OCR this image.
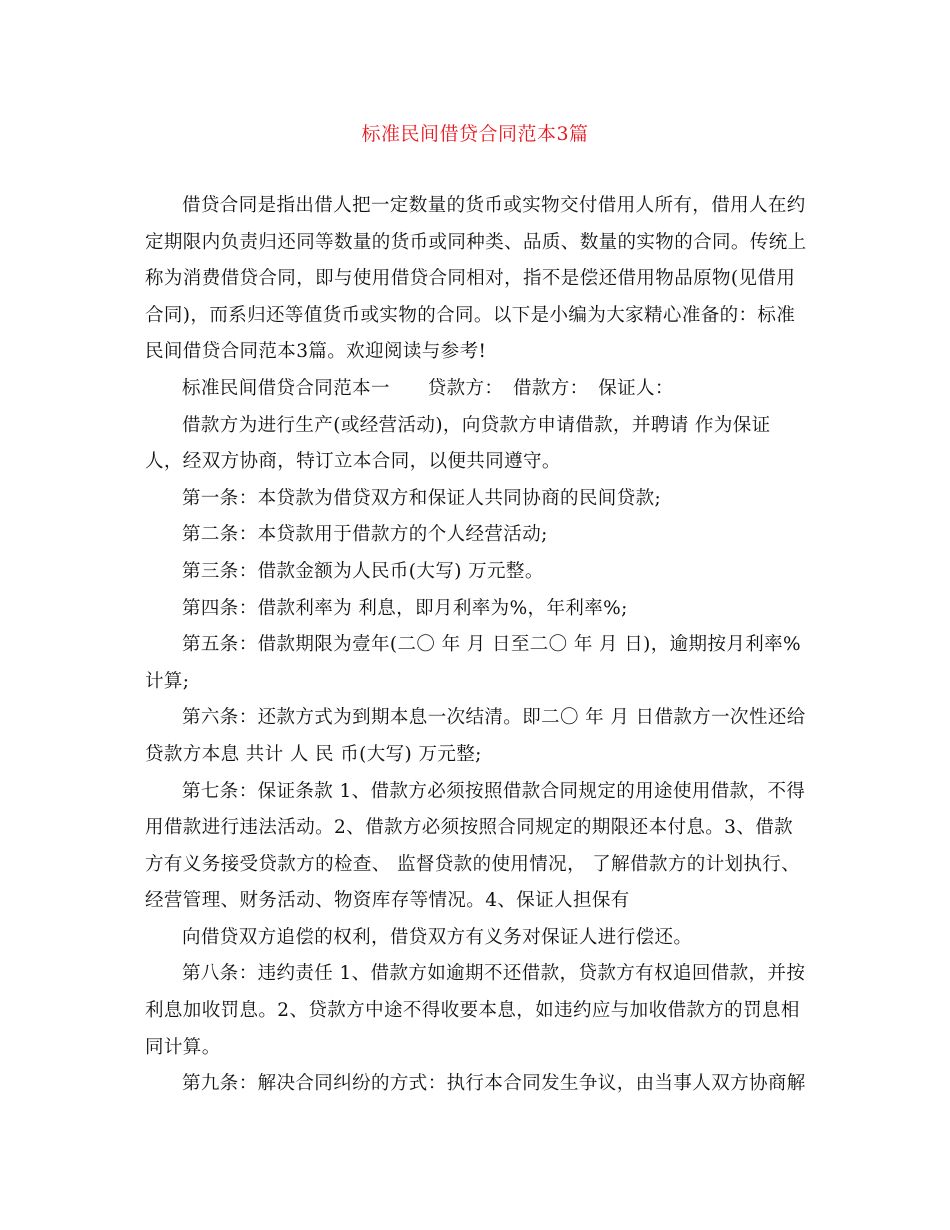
标准民间借贷合同范本3篇

借贷合同是指出借人把一定数量的货币或实物交付借用人所有，借用人在约定期限内负责归还同等数量的货币或同种类、品质、数量的实物的合同。传统上称为消费借贷合同，即与使用借贷合同相对，指不是偿还借用物品原物(见借用合同)，而系归还等值货币或实物的合同。以下是小编为大家精心准备的：标准民间借贷合同范本3篇。欢迎阅读与参考!

标准民间借贷合同范本一　　贷款方：　借款方：　保证人：

借款方为进行生产(或经营活动)，向贷款方申请借款，并聘请 作为保证人，经双方协商，特订立本合同，以便共同遵守。

第一条：本贷款为借贷双方和保证人共同协商的民间贷款;

第二条：本贷款用于借款方的个人经营活动;

第三条：借款金额为人民币(大写) 万元整。

第四条：借款利率为 利息，即月利率为%，年利率%;

第五条：借款期限为壹年(二〇 年 月 日至二〇 年 月 日)，逾期按月利率%计算;

第六条：还款方式为到期本息一次结清。即二〇 年 月 日借款方一次性还给贷款方本息 共计 人 民 币(大写) 万元整;

第七条：保证条款 1、借款方必须按照借款合同规定的用途使用借款，不得用借款进行违法活动。2、借款方必须按照合同规定的期限还本付息。3、借款方有义务接受贷款方的检查、 监督贷款的使用情况， 了解借款方的计划执行、经营管理、财务活动、物资库存等情况。4、保证人担保有

向借贷双方追偿的权利，借贷双方有义务对保证人进行偿还。

第八条：违约责任 1、借款方如逾期不还借款，贷款方有权追回借款，并按利息加收罚息。2、贷款方中途不得收要本息，如违约应与加收借款方的罚息相同计算。

第九条：解决合同纠纷的方式：执行本合同发生争议，由当事人双方协商解
